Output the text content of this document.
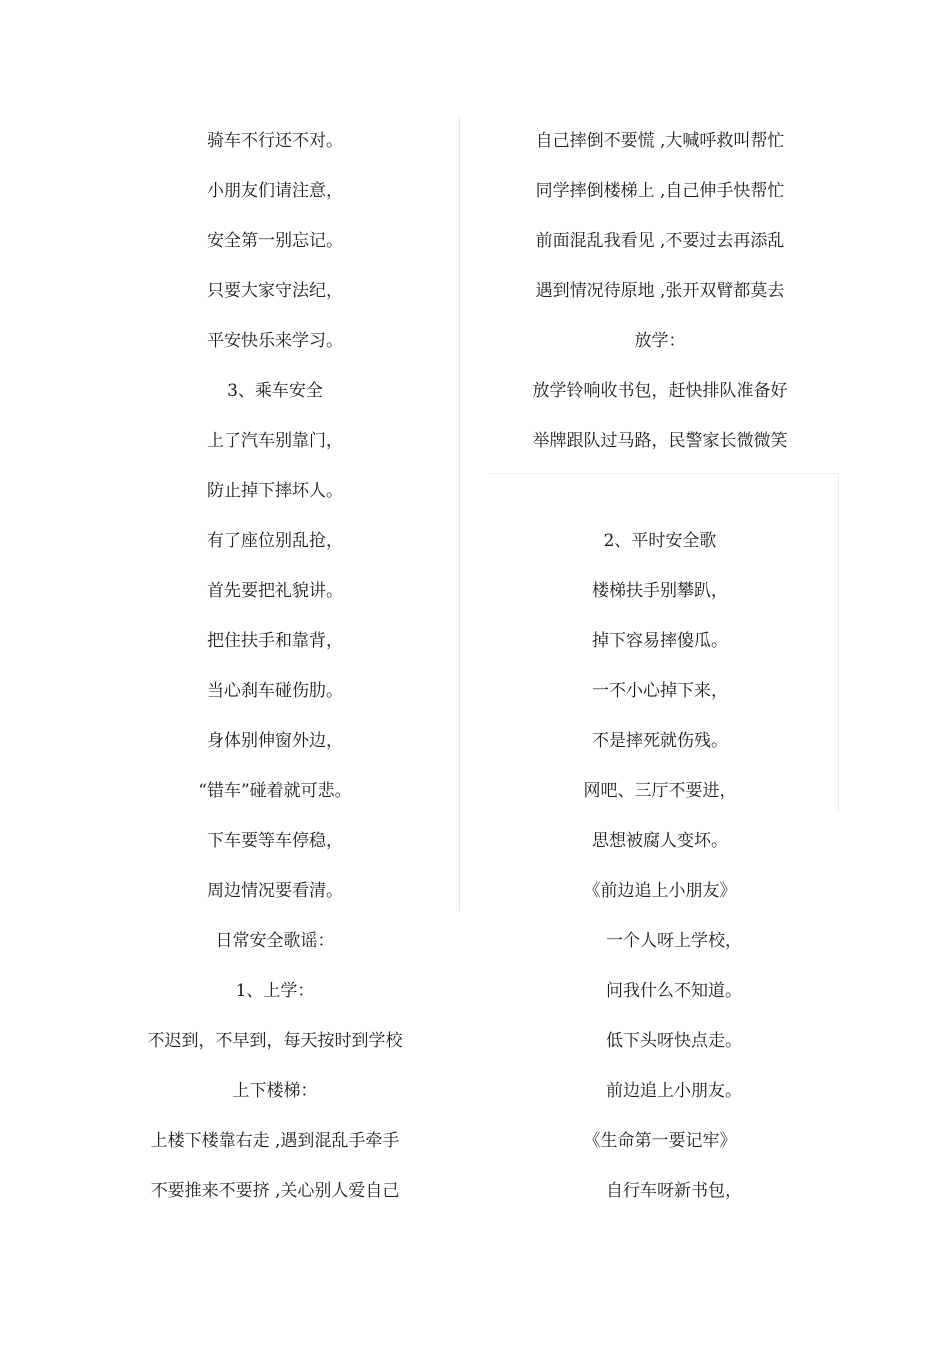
骑车不行还不对。

小朋友们请注意，

安全第一别忘记。

只要大家守法纪，

平安快乐来学习。

3、乘车安全

上了汽车别靠门，

防止掉下摔坏人。

有了座位别乱抢，

首先要把礼貌讲。

把住扶手和靠背，

当心刹车碰伤肋。

身体别伸窗外边，

“错车”碰着就可悲。

下车要等车停稳，

周边情况要看清。

日常安全歌谣：

1、上学：

不迟到，不早到，每天按时到学校

上下楼梯：

上楼下楼靠右走 ,遇到混乱手牵手

不要推来不要挤 ,关心别人爱自己

自己摔倒不要慌 ,大喊呼救叫帮忙

同学摔倒楼梯上 ,自己伸手快帮忙

前面混乱我看见 ,不要过去再添乱

遇到情况待原地 ,张开双臂都莫去

放学：

放学铃响收书包，赶快排队准备好

举牌跟队过马路，民警家长微微笑

2、平时安全歌

楼梯扶手别攀趴，

掉下容易摔傻瓜。

一不小心掉下来，

不是摔死就伤残。

网吧、三厅不要进，

思想被腐人变坏。

《前边追上小朋友》

一个人呀上学校，

问我什么不知道。

低下头呀快点走。

前边追上小朋友。

《生命第一要记牢》

自行车呀新书包，
